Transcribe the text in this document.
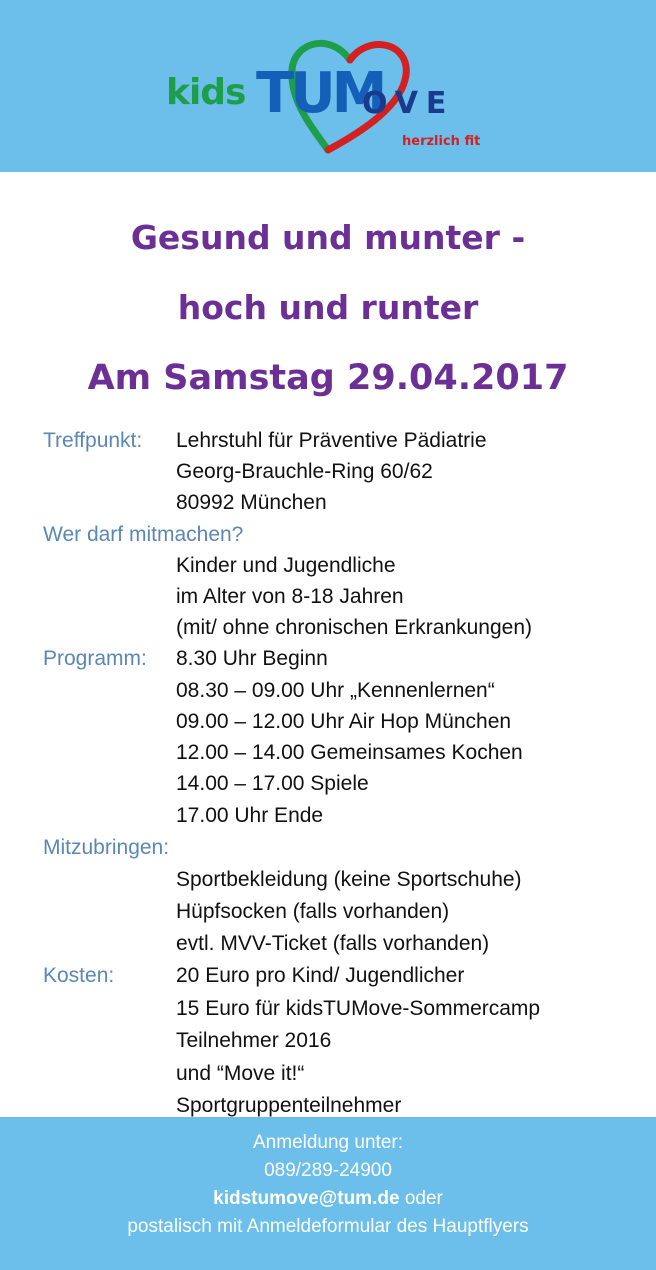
kids TUM
OVE
herzlich fit
Gesund und munter -
hoch und runter
Am Samstag 29.04.2017
Treffpunkt: Lehrstuhl für Präventive Pädiatrie
Georg-Brauchle-Ring 60/62
80992 München
Wer darf mitmachen?
Kinder und Jugendliche
im Alter von 8-18 Jahren
(mit/ ohne chronischen Erkrankungen)
Programm: 8.30 Uhr Beginn
08.30 – 09.00 Uhr „Kennenlernen“
09.00 – 12.00 Uhr Air Hop München
12.00 – 14.00 Gemeinsames Kochen
14.00 – 17.00 Spiele
17.00 Uhr Ende
Mitzubringen:
Sportbekleidung (keine Sportschuhe)
Hüpfsocken (falls vorhanden)
evtl. MVV-Ticket (falls vorhanden)
Kosten:	20 Euro pro Kind/ Jugendlicher
15 Euro für kidsTUMove-Sommercamp
Teilnehmer 2016
und “Move it!“
Sportgruppenteilnehmer
Anmeldung unter:
089/289-24900
kidstumove@tum.de oder
postalisch mit Anmeldeformular des Hauptflyers
